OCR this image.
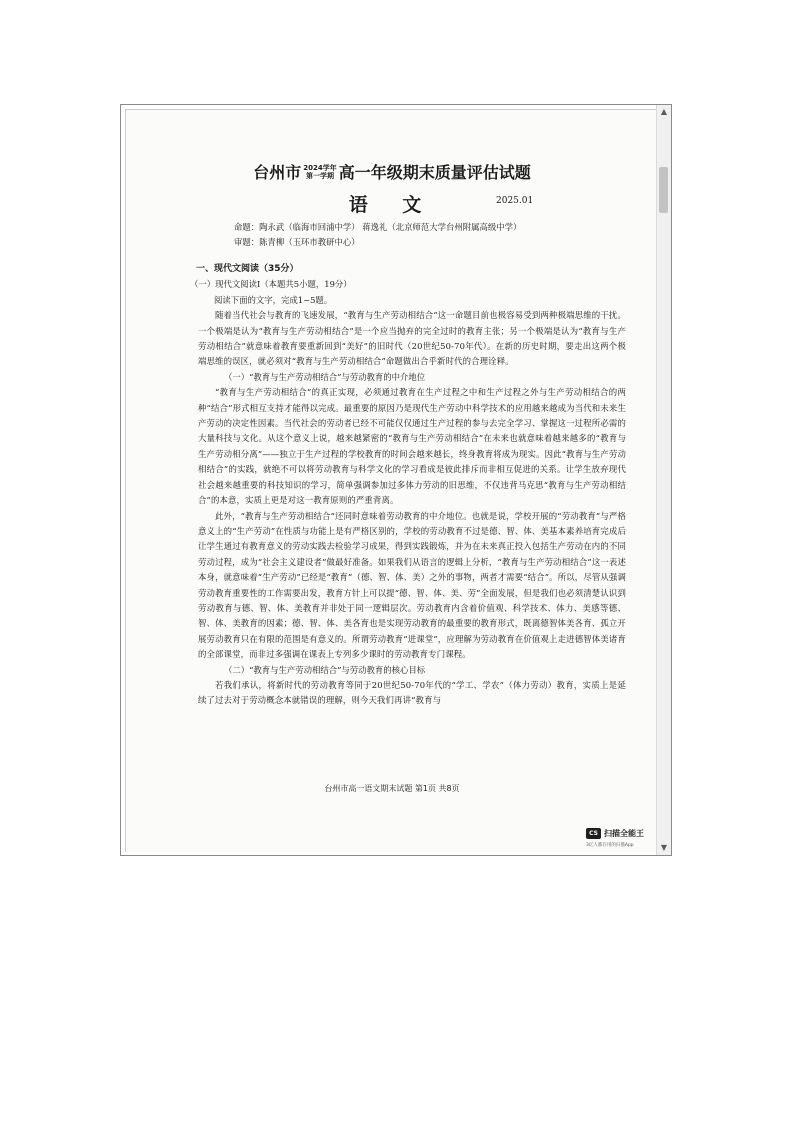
台州市 2024学年
第一学期 高一年级期末质量评估试题
语 文	2025.01
命题：陶永武（临海市回浦中学） 蒋逸礼（北京师范大学台州附属高级中学）
审题：陈青柳（玉环市教研中心）

一、现代文阅读（35分）

（一）现代文阅读Ⅰ（本题共5小题，19分）

阅读下面的文字，完成1~5题。

随着当代社会与教育的飞速发展，“教育与生产劳动相结合”这一命题目前也极容易受到两种极端思维的干扰。一个极端是认为“教育与生产劳动相结合”是一个应当抛弃的完全过时的教育主张；另一个极端是认为“教育与生产劳动相结合”就意味着教育要重新回到“美好”的旧时代（20世纪50-70年代）。在新的历史时期，要走出这两个极端思维的误区，就必须对“教育与生产劳动相结合”命题做出合乎新时代的合理诠释。

（一）“教育与生产劳动相结合”与劳动教育的中介地位

“教育与生产劳动相结合”的真正实现，必须通过教育在生产过程之中和生产过程之外与生产劳动相结合的两种“结合”形式相互支持才能得以完成。最重要的原因乃是现代生产劳动中科学技术的应用越来越成为当代和未来生产劳动的决定性因素。当代社会的劳动者已经不可能仅仅通过生产过程的参与去完全学习、掌握这一过程所必需的大量科技与文化。从这个意义上说，越来越紧密的“教育与生产劳动相结合”在未来也就意味着越来越多的“教育与生产劳动相分离”——独立于生产过程的学校教育的时间会越来越长，终身教育将成为现实。因此“教育与生产劳动相结合”的实践，就绝不可以将劳动教育与科学文化的学习看成是彼此排斥而非相互促进的关系。让学生放弃现代社会越来越重要的科技知识的学习，简单强调参加过多体力劳动的旧思维，不仅违背马克思“教育与生产劳动相结合”的本意，实质上更是对这一教育原则的严重背离。

此外，“教育与生产劳动相结合”还同时意味着劳动教育的中介地位。也就是说，学校开展的“劳动教育”与严格意义上的“生产劳动”在性质与功能上是有严格区别的，学校的劳动教育不过是德、智、体、美基本素养培育完成后让学生通过有教育意义的劳动实践去检验学习成果，得到实践锻炼，并为在未来真正投入包括生产劳动在内的不同劳动过程，成为“社会主义建设者”做最好准备。如果我们从语言的逻辑上分析，“教育与生产劳动相结合”这一表述本身，就意味着“生产劳动”已经是“教育”（德、智、体、美）之外的事物，两者才需要“结合”。所以，尽管从强调劳动教育重要性的工作需要出发，教育方针上可以提“德、智、体、美、劳”全面发展，但是我们也必须清楚认识到劳动教育与德、智、体、美教育并非处于同一逻辑层次。劳动教育内含着价值观、科学技术、体力、美感等德、智、体、美教育的因素；德、智、体、美各育也是实现劳动教育的最重要的教育形式，既离德智体美各育、孤立开展劳动教育只在有限的范围是有意义的。所谓劳动教育“进课堂”，应理解为劳动教育在价值观上走进德智体美诸育的全部课堂，而非过多强调在课表上专列多少课时的劳动教育专门课程。

（二）“教育与生产劳动相结合”与劳动教育的核心目标

若我们承认，将新时代的劳动教育等同于20世纪50-70年代的“学工、学农”（体力劳动）教育，实质上是延续了过去对于劳动概念本就错误的理解，则今天我们再讲“教育与

台州市高一语文期末试题 第1页 共8页
CS 扫描全能王
3亿人都在用的扫描App
▲
▼
